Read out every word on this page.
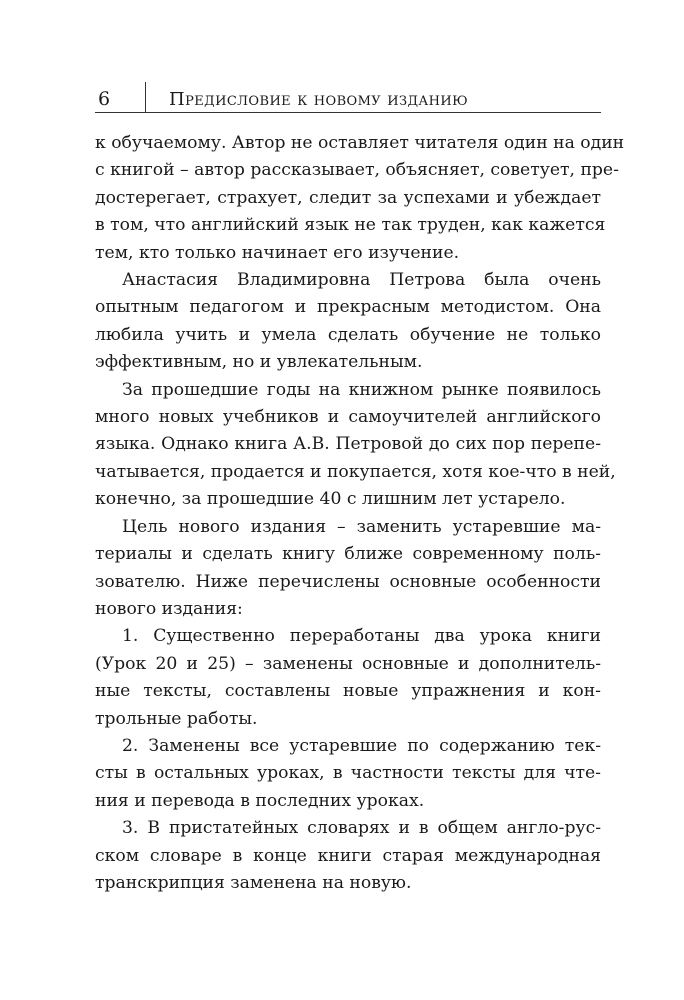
6	Предисловие к новому изданию

к обучаемому. Автор не оставляет читателя один на один
с книгой – автор рассказывает, объясняет, советует, пре-
достерегает, страхует, следит за успехами и убеждает
в том, что английский язык не так труден, как кажется
тем, кто только начинает его изучение.

Анастасия Владимировна Петрова была очень
опытным педагогом и прекрасным методистом. Она
любила учить и умела сделать обучение не только
эффективным, но и увлекательным.

За прошедшие годы на книжном рынке появилось
много новых учебников и самоучителей английского
языка. Однако книга А.В. Петровой до сих пор перепе-
чатывается, продается и покупается, хотя кое-что в ней,
конечно, за прошедшие 40 с лишним лет устарело.

Цель нового издания – заменить устаревшие ма-
териалы и сделать книгу ближе современному поль-
зователю. Ниже перечислены основные особенности
нового издания:

1. Существенно переработаны два урока книги
(Урок 20 и 25) – заменены основные и дополнитель-
ные тексты, составлены новые упражнения и кон-
трольные работы.

2. Заменены все устаревшие по содержанию тек-
сты в остальных уроках, в частности тексты для чте-
ния и перевода в последних уроках.

3. В пристатейных словарях и в общем англо-рус-
ском словаре в конце книги старая международная
транскрипция заменена на новую.
